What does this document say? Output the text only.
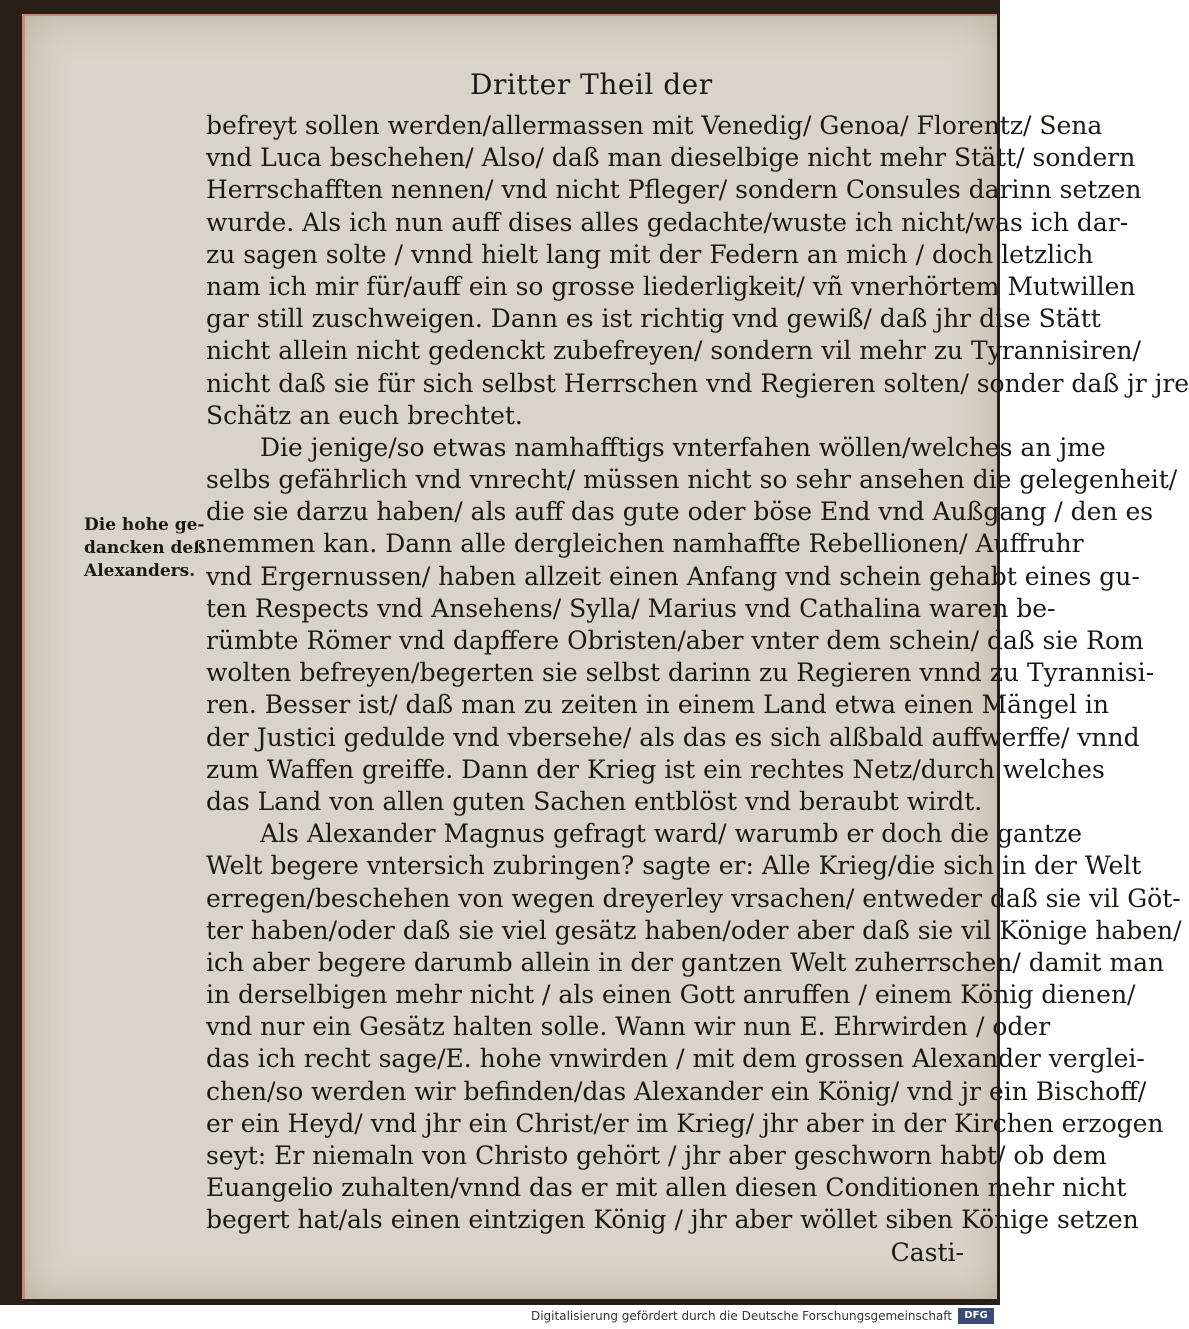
Dritter Theil der
Die hohe ge-
dancken deß
Alexanders.
befreyt sollen werden/allermassen mit Venedig/ Genoa/ Florentz/ Sena
vnd Luca beschehen/ Also/ daß man dieselbige nicht mehr Stätt/ sondern
Herrschafften nennen/ vnd nicht Pfleger/ sondern Consules darinn setzen
wurde. Als ich nun auff dises alles gedachte/wuste ich nicht/was ich dar-
zu sagen solte / vnnd hielt lang mit der Federn an mich / doch letzlich
nam ich mir für/auff ein so grosse liederligkeit/ vñ vnerhörtem Mutwillen
gar still zuschweigen. Dann es ist richtig vnd gewiß/ daß jhr dise Stätt
nicht allein nicht gedenckt zubefreyen/ sondern vil mehr zu Tyrannisiren/
nicht daß sie für sich selbst Herrschen vnd Regieren solten/ sonder daß jr jre
Schätz an euch brechtet.
Die jenige/so etwas namhafftigs vnterfahen wöllen/welches an jme
selbs gefährlich vnd vnrecht/ müssen nicht so sehr ansehen die gelegenheit/
die sie darzu haben/ als auff das gute oder böse End vnd Außgang / den es
nemmen kan. Dann alle dergleichen namhaffte Rebellionen/ Auffruhr
vnd Ergernussen/ haben allzeit einen Anfang vnd schein gehabt eines gu-
ten Respects vnd Ansehens/ Sylla/ Marius vnd Cathalina waren be-
rümbte Römer vnd dapffere Obristen/aber vnter dem schein/ daß sie Rom
wolten befreyen/begerten sie selbst darinn zu Regieren vnnd zu Tyrannisi-
ren. Besser ist/ daß man zu zeiten in einem Land etwa einen Mängel in
der Justici gedulde vnd vbersehe/ als das es sich alßbald auffwerffe/ vnnd
zum Waffen greiffe. Dann der Krieg ist ein rechtes Netz/durch welches
das Land von allen guten Sachen entblöst vnd beraubt wirdt.
Als Alexander Magnus gefragt ward/ warumb er doch die gantze
Welt begere vntersich zubringen? sagte er: Alle Krieg/die sich in der Welt
erregen/beschehen von wegen dreyerley vrsachen/ entweder daß sie vil Göt-
ter haben/oder daß sie viel gesätz haben/oder aber daß sie vil Könige haben/
ich aber begere darumb allein in der gantzen Welt zuherrschen/ damit man
in derselbigen mehr nicht / als einen Gott anruffen / einem König dienen/
vnd nur ein Gesätz halten solle. Wann wir nun E. Ehrwirden / oder
das ich recht sage/E. hohe vnwirden / mit dem grossen Alexander verglei-
chen/so werden wir befinden/das Alexander ein König/ vnd jr ein Bischoff/
er ein Heyd/ vnd jhr ein Christ/er im Krieg/ jhr aber in der Kirchen erzogen
seyt: Er niemaln von Christo gehört / jhr aber geschworn habt/ ob dem
Euangelio zuhalten/vnnd das er mit allen diesen Conditionen mehr nicht
begert hat/als einen eintzigen König / jhr aber wöllet siben Könige setzen
Casti-
Digitalisierung gefördert durch die Deutsche Forschungsgemeinschaft	DFG
